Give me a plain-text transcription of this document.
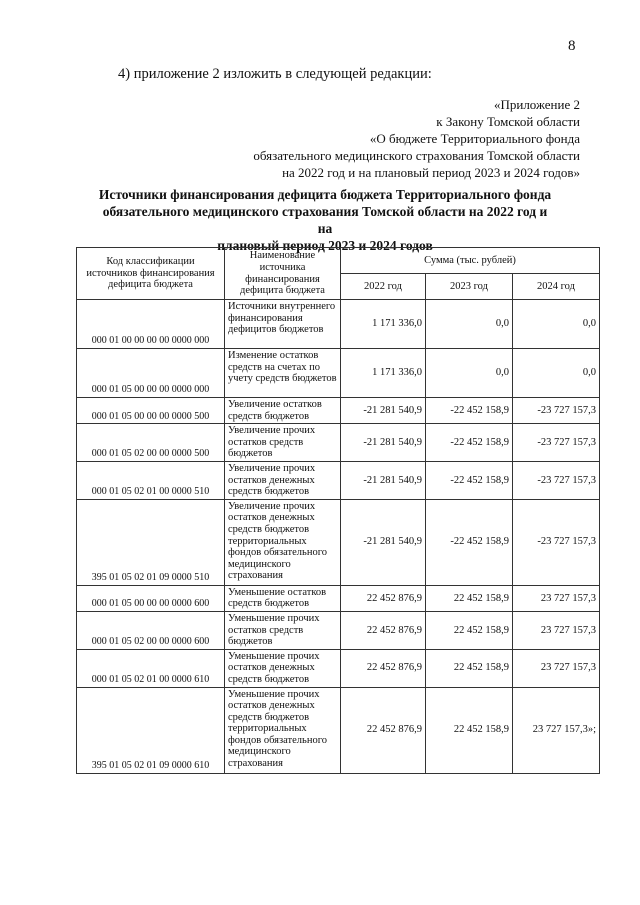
8
4) приложение 2 изложить в следующей редакции:
«Приложение 2
к Закону Томской области
«О бюджете Территориального фонда
обязательного медицинского страхования Томской области
на 2022 год и на плановый период 2023 и 2024 годов»
Источники финансирования дефицита бюджета Территориального фонда
обязательного медицинского страхования Томской области на 2022 год и на
плановый период 2023 и 2024 годов
Код классификации источников финансирования дефицита бюджета	Наименование источника финансирования дефицита бюджета	Сумма (тыс. рублей)		
		2022 год	2023 год	2024 год
000 01 00 00 00 00 0000 000	Источники внутреннего финансирования дефицитов бюджетов	1 171 336,0	0,0	0,0
000 01 05 00 00 00 0000 000	Изменение остатков средств на счетах по учету средств бюджетов	1 171 336,0	0,0	0,0
000 01 05 00 00 00 0000 500	Увеличение остатков средств бюджетов	-21 281 540,9	-22 452 158,9	-23 727 157,3
000 01 05 02 00 00 0000 500	Увеличение прочих остатков средств бюджетов	-21 281 540,9	-22 452 158,9	-23 727 157,3
000 01 05 02 01 00 0000 510	Увеличение прочих остатков денежных средств бюджетов	-21 281 540,9	-22 452 158,9	-23 727 157,3
395 01 05 02 01 09 0000 510	Увеличение прочих остатков денежных средств бюджетов территориальных фондов обязательного медицинского страхования	-21 281 540,9	-22 452 158,9	-23 727 157,3
000 01 05 00 00 00 0000 600	Уменьшение остатков средств бюджетов	22 452 876,9	22 452 158,9	23 727 157,3
000 01 05 02 00 00 0000 600	Уменьшение прочих остатков средств бюджетов	22 452 876,9	22 452 158,9	23 727 157,3
000 01 05 02 01 00 0000 610	Уменьшение прочих остатков денежных средств бюджетов	22 452 876,9	22 452 158,9	23 727 157,3
395 01 05 02 01 09 0000 610	Уменьшение прочих остатков денежных средств бюджетов территориальных фондов обязательного медицинского страхования	22 452 876,9	22 452 158,9	23 727 157,3»;
